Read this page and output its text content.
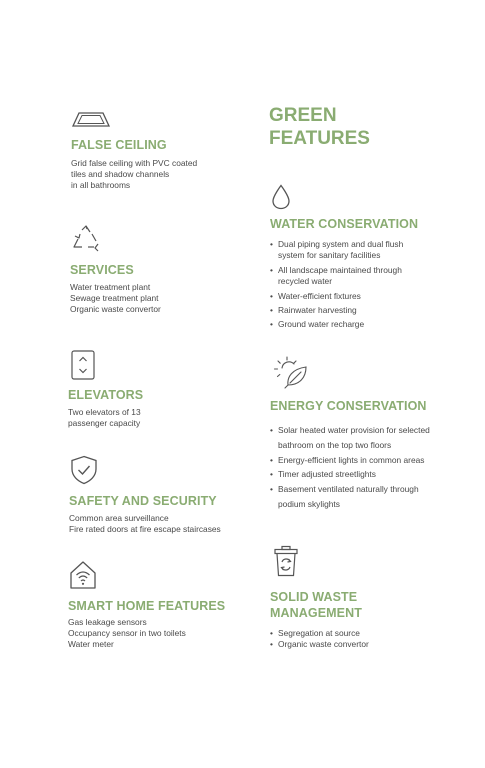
GREEN
FEATURES
FALSE CEILING
Grid false ceiling with PVC coated
tiles and shadow channels
in all bathrooms
SERVICES
Water treatment plant
Sewage treatment plant
Organic waste convertor
ELEVATORS
Two elevators of 13
passenger capacity
SAFETY AND SECURITY
Common area surveillance
Fire rated doors at fire escape staircases
SMART HOME FEATURES
Gas leakage sensors
Occupancy sensor in two toilets
Water meter
WATER CONSERVATION
• Dual piping system and dual flush
system for sanitary facilities
• All landscape maintained through
recycled water
• Water-efficient fixtures
• Rainwater harvesting
• Ground water recharge
ENERGY CONSERVATION
• Solar heated water provision for selected
bathroom on the top two floors
• Energy-efficient lights in common areas
• Timer adjusted streetlights
• Basement ventilated naturally through
podium skylights
SOLID WASTE
MANAGEMENT
• Segregation at source
• Organic waste convertor
